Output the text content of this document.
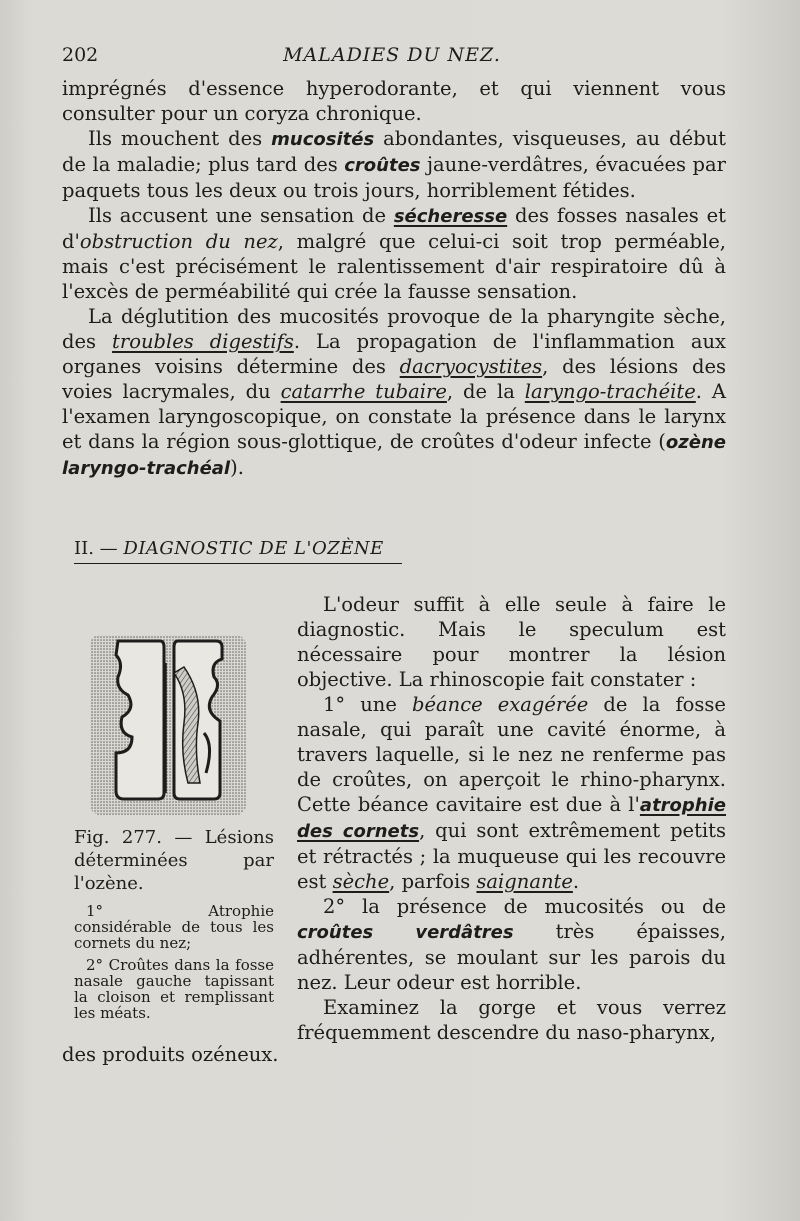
202	MALADIES DU NEZ.

imprégnés d'essence hyperodorante, et qui viennent vous consulter pour un coryza chronique.

Ils mouchent des mucosités abondantes, visqueuses, au début de la maladie; plus tard des croûtes jaune-verdâtres, évacuées par paquets tous les deux ou trois jours, horriblement fétides.

Ils accusent une sensation de sécheresse des fosses nasales et d'obstruction du nez, malgré que celui-ci soit trop perméable, mais c'est précisément le ralentissement d'air respiratoire dû à l'excès de perméabilité qui crée la fausse sensation.

La déglutition des mucosités provoque de la pharyngite sèche, des troubles digestifs. La propagation de l'inflammation aux organes voisins détermine des dacryocystites, des lésions des voies lacrymales, du catarrhe tubaire, de la laryngo-trachéite. A l'examen laryngoscopique, on constate la présence dans le larynx et dans la région sous-glottique, de croûtes d'odeur infecte (ozène laryngo-trachéal).

II. — DIAGNOSTIC DE L'OZÈNE

Fig. 277. — Lésions déterminées par l'ozène.

1° Atrophie considérable de tous les cornets du nez;

2° Croûtes dans la fosse nasale gauche tapissant la cloison et remplissant les méats.

L'odeur suffit à elle seule à faire le diagnostic. Mais le speculum est nécessaire pour montrer la lésion objective. La rhinoscopie fait constater :

1° une béance exagérée de la fosse nasale, qui paraît une cavité énorme, à travers laquelle, si le nez ne renferme pas de croûtes, on aperçoit le rhino-pharynx. Cette béance cavitaire est due à l'atrophie des cornets, qui sont extrêmement petits et rétractés ; la muqueuse qui les recouvre est sèche, parfois saignante.

2° la présence de mucosités ou de croûtes verdâtres très épaisses, adhérentes, se moulant sur les parois du nez. Leur odeur est horrible.

Examinez la gorge et vous verrez fréquemment descendre du naso-pharynx,

des produits ozéneux.
